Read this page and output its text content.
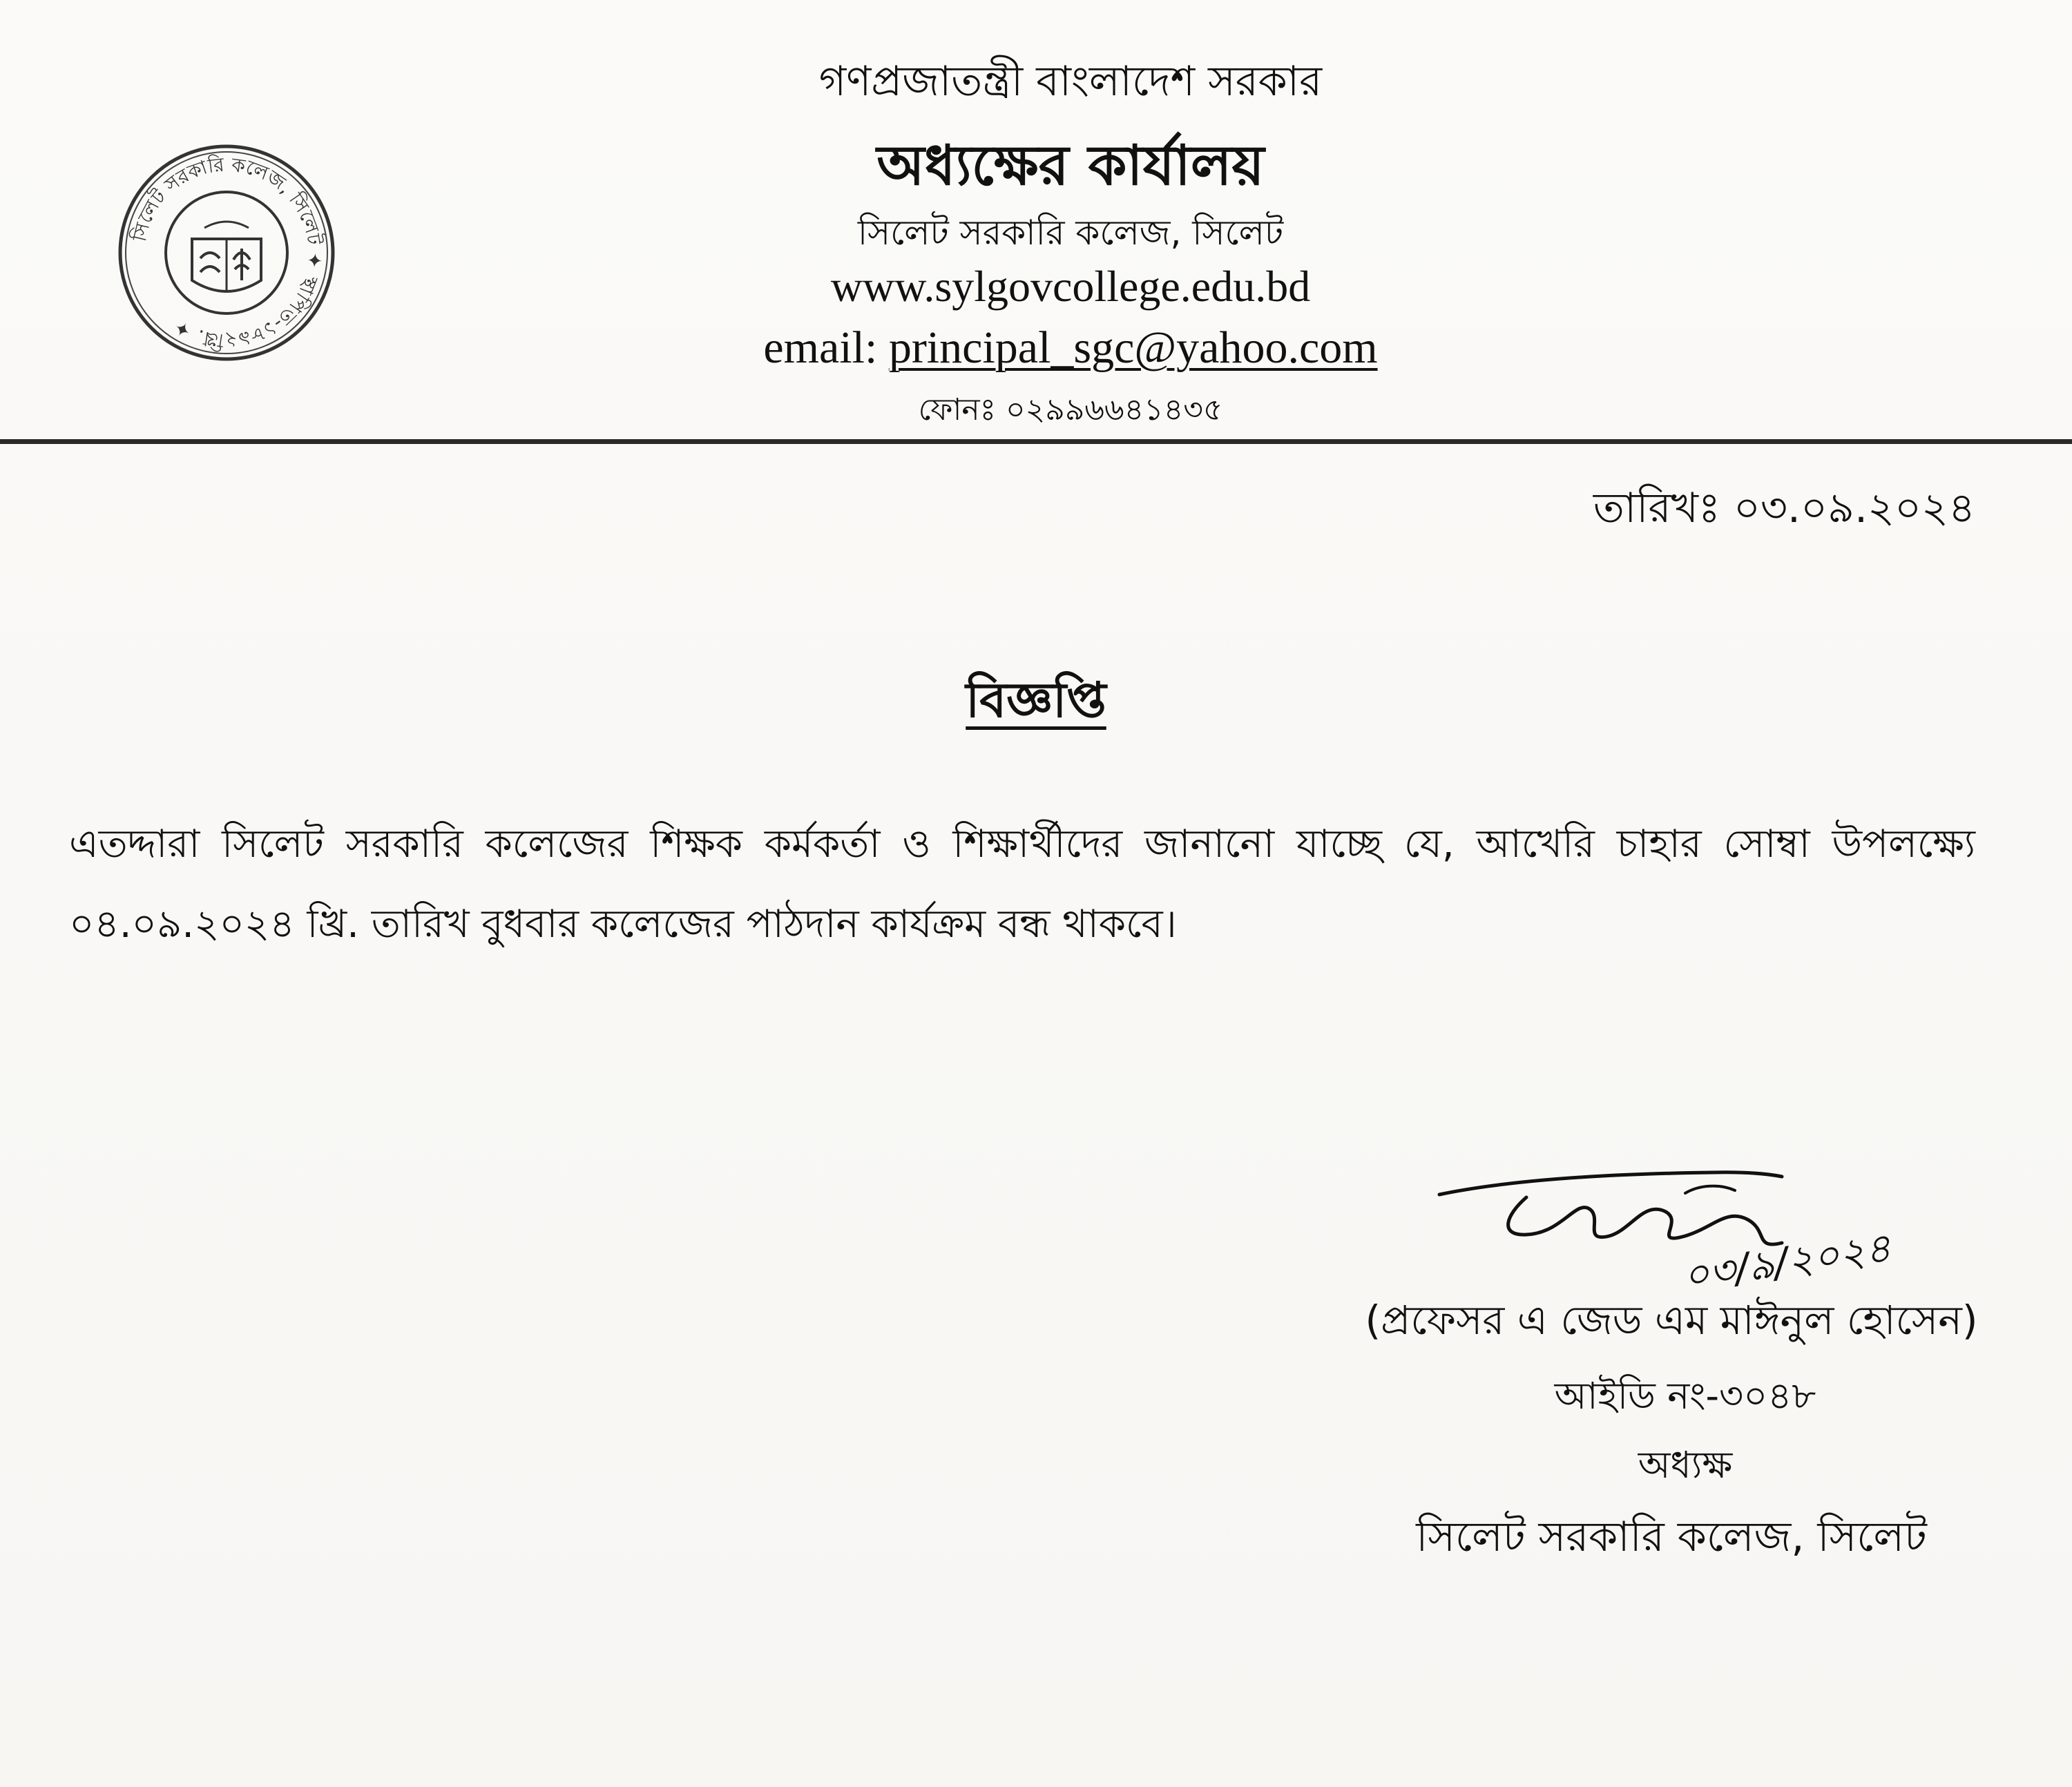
সিলেট সরকারি কলেজ, সিলেট ✦ স্থাপিত-১৮৯২খ্রি. ✦
গণপ্রজাতন্ত্রী বাংলাদেশ সরকার
অধ্যক্ষের কার্যালয়
সিলেট সরকারি কলেজ, সিলেট
www.sylgovcollege.edu.bd
email: principal_sgc@yahoo.com
ফোনঃ ০২৯৯৬৬৪১৪৩৫
তারিখঃ ০৩.০৯.২০২৪
বিজ্ঞপ্তি
এতদ্দারা সিলেট সরকারি কলেজের শিক্ষক কর্মকর্তা ও শিক্ষার্থীদের জানানো যাচ্ছে যে, আখেরি চাহার সোম্বা উপলক্ষ্যে ০৪.০৯.২০২৪ খ্রি. তারিখ বুধবার কলেজের পাঠদান কার্যক্রম বন্ধ থাকবে।
০৩/৯/২০২৪
(প্রফেসর এ জেড এম মাঈনুল হোসেন)
আইডি নং-৩০৪৮
অধ্যক্ষ
সিলেট সরকারি কলেজ, সিলেট
